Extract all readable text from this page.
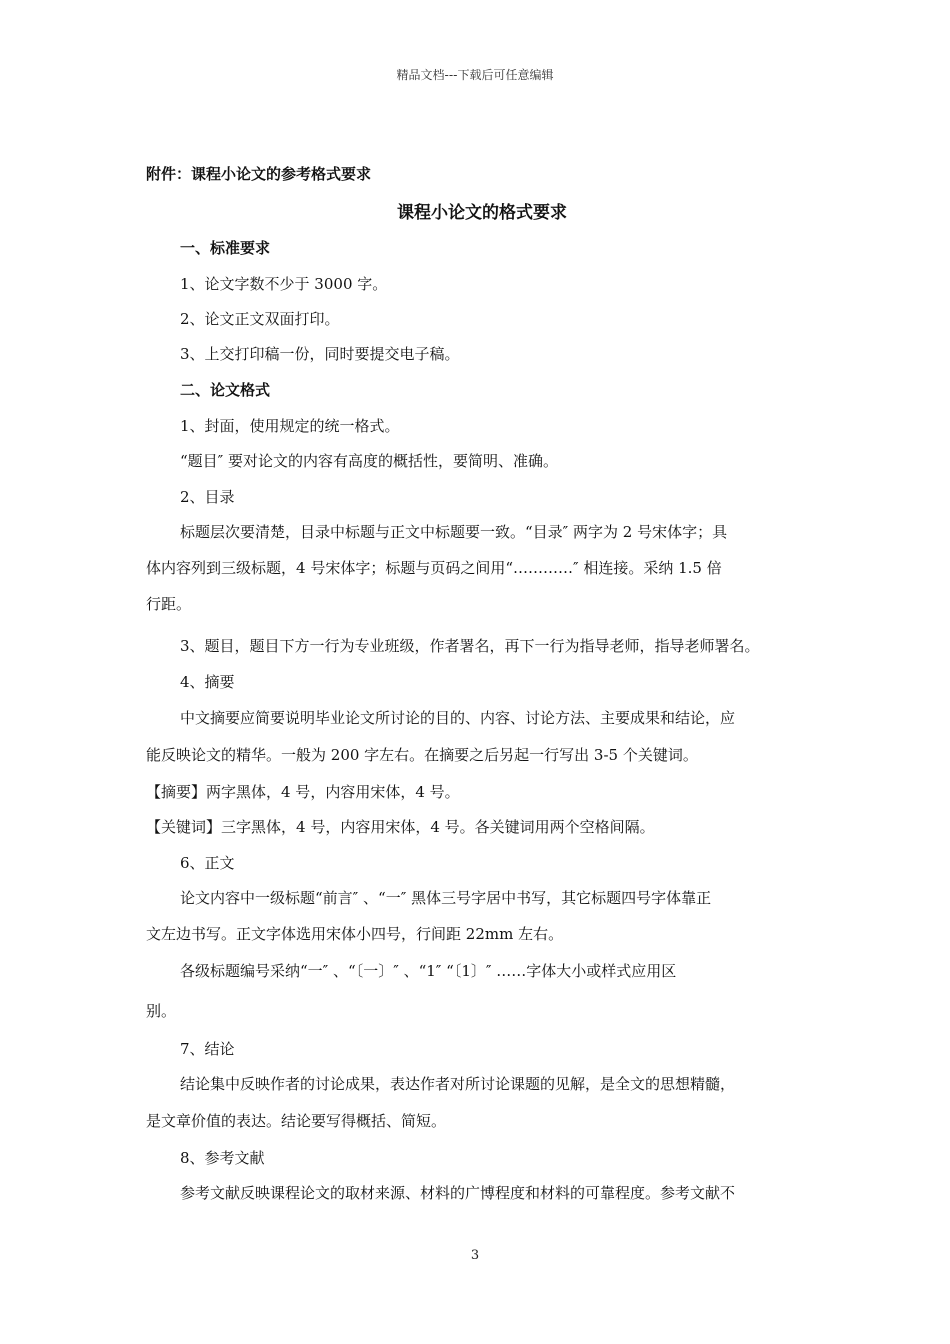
精品文档---下载后可任意编辑
附件：课程小论文的参考格式要求
课程小论文的格式要求
一、标准要求
1、论文字数不少于 3000 字。
2、论文正文双面打印。
3、上交打印稿一份，同时要提交电子稿。
二、论文格式
1、封面，使用规定的统一格式。
“题目″ 要对论文的内容有高度的概括性，要简明、准确。
2、目录
标题层次要清楚，目录中标题与正文中标题要一致。“目录″ 两字为 2 号宋体字；具
体内容列到三级标题，4 号宋体字；标题与页码之间用“…………″ 相连接。采纳 1.5 倍
行距。
3、题目，题目下方一行为专业班级，作者署名，再下一行为指导老师，指导老师署名。
4、摘要
中文摘要应简要说明毕业论文所讨论的目的、内容、讨论方法、主要成果和结论，应
能反映论文的精华。一般为 200 字左右。在摘要之后另起一行写出 3-5 个关键词。
【摘要】两字黑体，4 号，内容用宋体，4 号。
【关键词】三字黑体，4 号，内容用宋体，4 号。各关键词用两个空格间隔。
6、正文
论文内容中一级标题“前言″ 、“一″ 黑体三号字居中书写，其它标题四号字体靠正
文左边书写。正文字体选用宋体小四号，行间距 22mm 左右。
各级标题编号采纳“一″ 、“〔一〕″ 、“1″ “〔1〕″ ……字体大小或样式应用区
别。
7、结论
结论集中反映作者的讨论成果，表达作者对所讨论课题的见解，是全文的思想精髓，
是文章价值的表达。结论要写得概括、简短。
8、参考文献
参考文献反映课程论文的取材来源、材料的广博程度和材料的可靠程度。参考文献不
3
